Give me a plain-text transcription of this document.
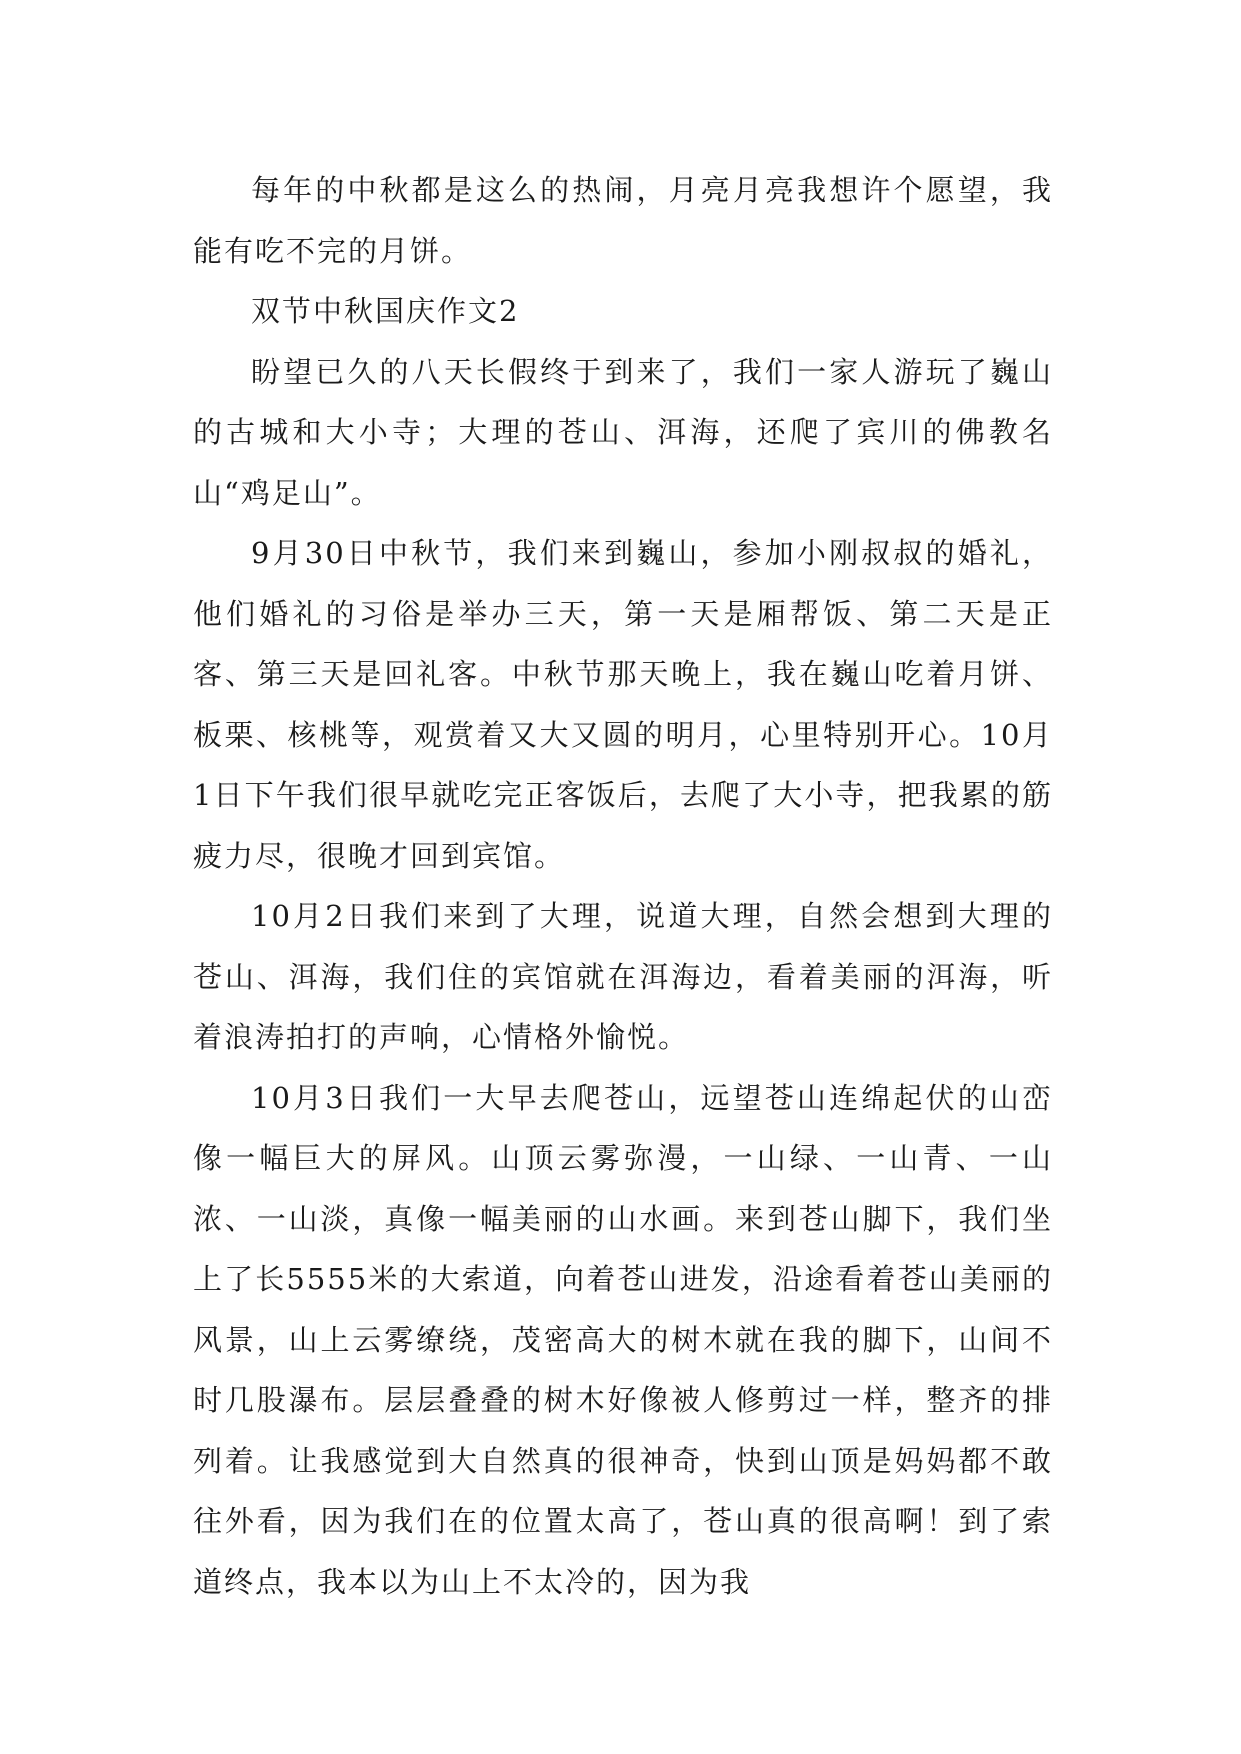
每年的中秋都是这么的热闹，月亮月亮我想许个愿望，我能有吃不完的月饼。

双节中秋国庆作文2

盼望已久的八天长假终于到来了，我们一家人游玩了巍山的古城和大小寺；大理的苍山、洱海，还爬了宾川的佛教名山“鸡足山”。

9月30日中秋节，我们来到巍山，参加小刚叔叔的婚礼，他们婚礼的习俗是举办三天，第一天是厢帮饭、第二天是正客、第三天是回礼客。中秋节那天晚上，我在巍山吃着月饼、板栗、核桃等，观赏着又大又圆的明月，心里特别开心。10月1日下午我们很早就吃完正客饭后，去爬了大小寺，把我累的筋疲力尽，很晚才回到宾馆。

10月2日我们来到了大理，说道大理，自然会想到大理的苍山、洱海，我们住的宾馆就在洱海边，看着美丽的洱海，听着浪涛拍打的声响，心情格外愉悦。

10月3日我们一大早去爬苍山，远望苍山连绵起伏的山峦像一幅巨大的屏风。山顶云雾弥漫，一山绿、一山青、一山浓、一山淡，真像一幅美丽的山水画。来到苍山脚下，我们坐上了长5555米的大索道，向着苍山进发，沿途看着苍山美丽的风景，山上云雾缭绕，茂密高大的树木就在我的脚下，山间不时几股瀑布。层层叠叠的树木好像被人修剪过一样，整齐的排列着。让我感觉到大自然真的很神奇，快到山顶是妈妈都不敢往外看，因为我们在的位置太高了，苍山真的很高啊！到了索道终点，我本以为山上不太冷的，因为我
